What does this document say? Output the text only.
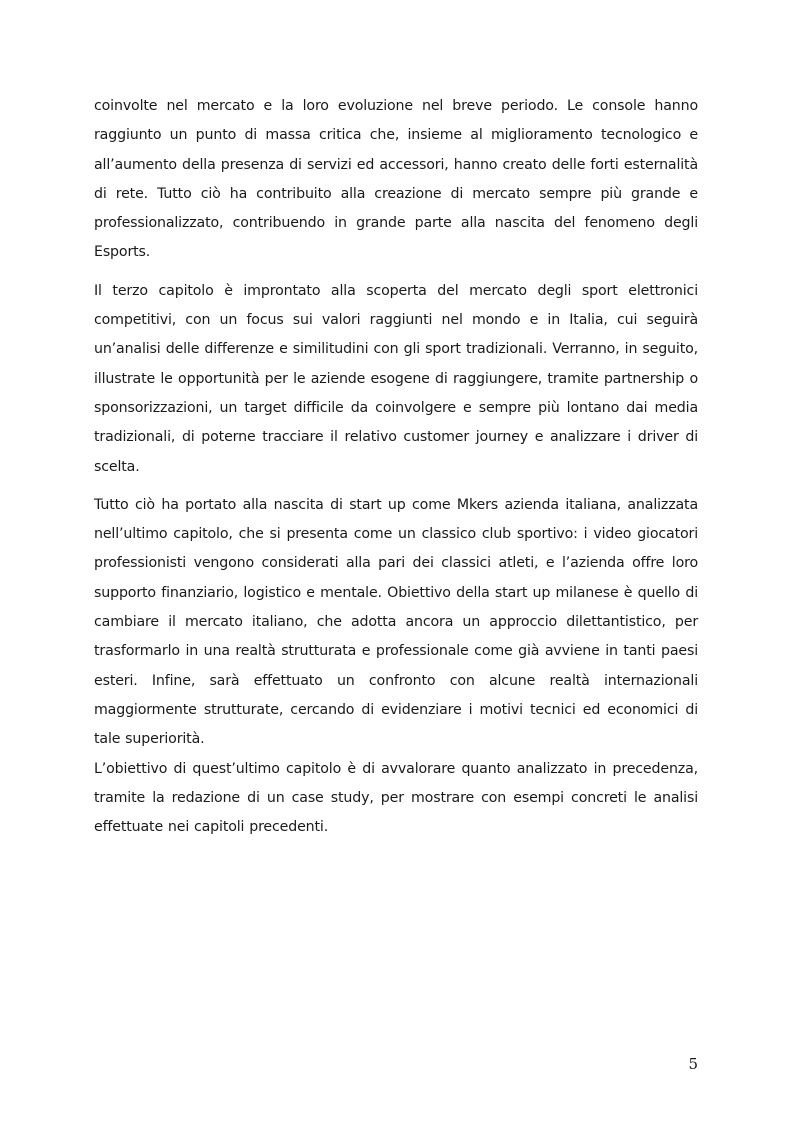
coinvolte nel mercato e la loro evoluzione nel breve periodo. Le console hanno raggiunto un punto di massa critica che, insieme al miglioramento tecnologico e all’aumento della presenza di servizi ed accessori, hanno creato delle forti esternalità di rete. Tutto ciò ha contribuito alla creazione di mercato sempre più grande e professionalizzato, contribuendo in grande parte alla nascita del fenomeno degli Esports.

Il terzo capitolo è improntato alla scoperta del mercato degli sport elettronici competitivi, con un focus sui valori raggiunti nel mondo e in Italia, cui seguirà un’analisi delle differenze e similitudini con gli sport tradizionali. Verranno, in seguito, illustrate le opportunità per le aziende esogene di raggiungere, tramite partnership o sponsorizzazioni, un target difficile da coinvolgere e sempre più lontano dai media tradizionali, di poterne tracciare il relativo customer journey e analizzare i driver di scelta.

Tutto ciò ha portato alla nascita di start up come Mkers azienda italiana, analizzata nell’ultimo capitolo, che si presenta come un classico club sportivo: i video giocatori professionisti vengono considerati alla pari dei classici atleti, e l’azienda offre loro supporto finanziario, logistico e mentale. Obiettivo della start up milanese è quello di cambiare il mercato italiano, che adotta ancora un approccio dilettantistico, per trasformarlo in una realtà strutturata e professionale come già avviene in tanti paesi esteri. Infine, sarà effettuato un confronto con alcune realtà internazionali maggiormente strutturate, cercando di evidenziare i motivi tecnici ed economici di tale superiorità.

L’obiettivo di quest’ultimo capitolo è di avvalorare quanto analizzato in precedenza, tramite la redazione di un case study, per mostrare con esempi concreti le analisi effettuate nei capitoli precedenti.

5
